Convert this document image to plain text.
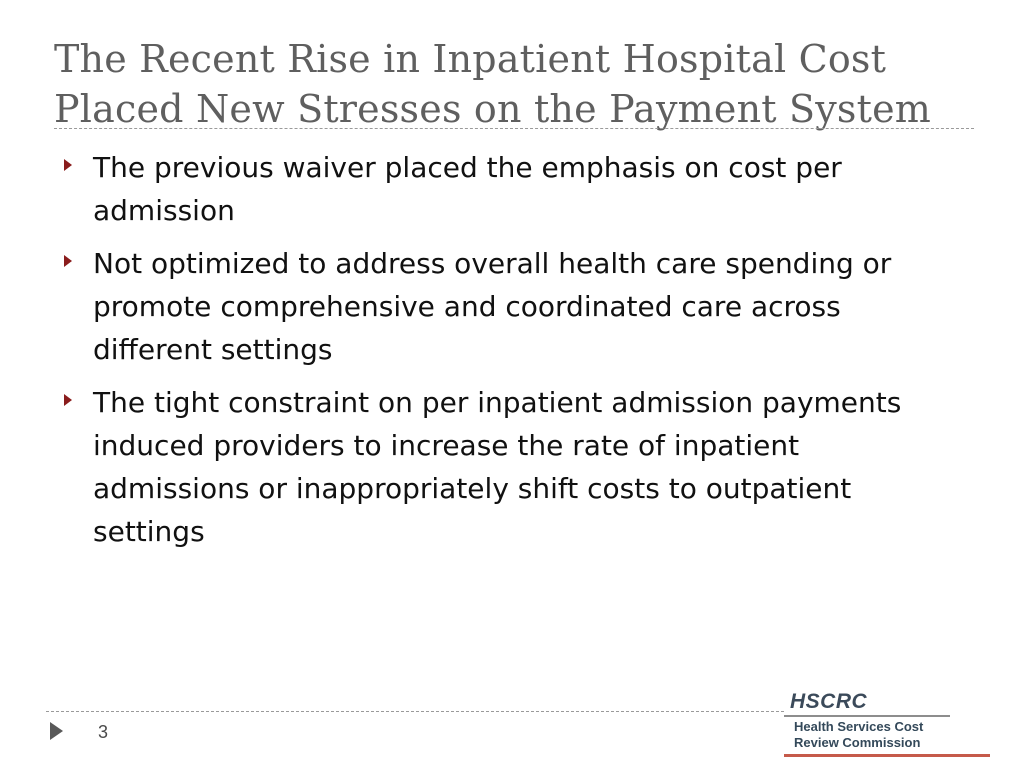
The Recent Rise in Inpatient Hospital Cost
Placed New Stresses on the Payment System
The previous waiver placed the emphasis on cost per admission
Not optimized to address overall health care spending or promote comprehensive and coordinated care across different settings
The tight constraint on per inpatient admission payments induced providers to increase the rate of inpatient admissions or inappropriately shift costs to outpatient settings
3
HSCRC
Health Services Cost
Review Commission
